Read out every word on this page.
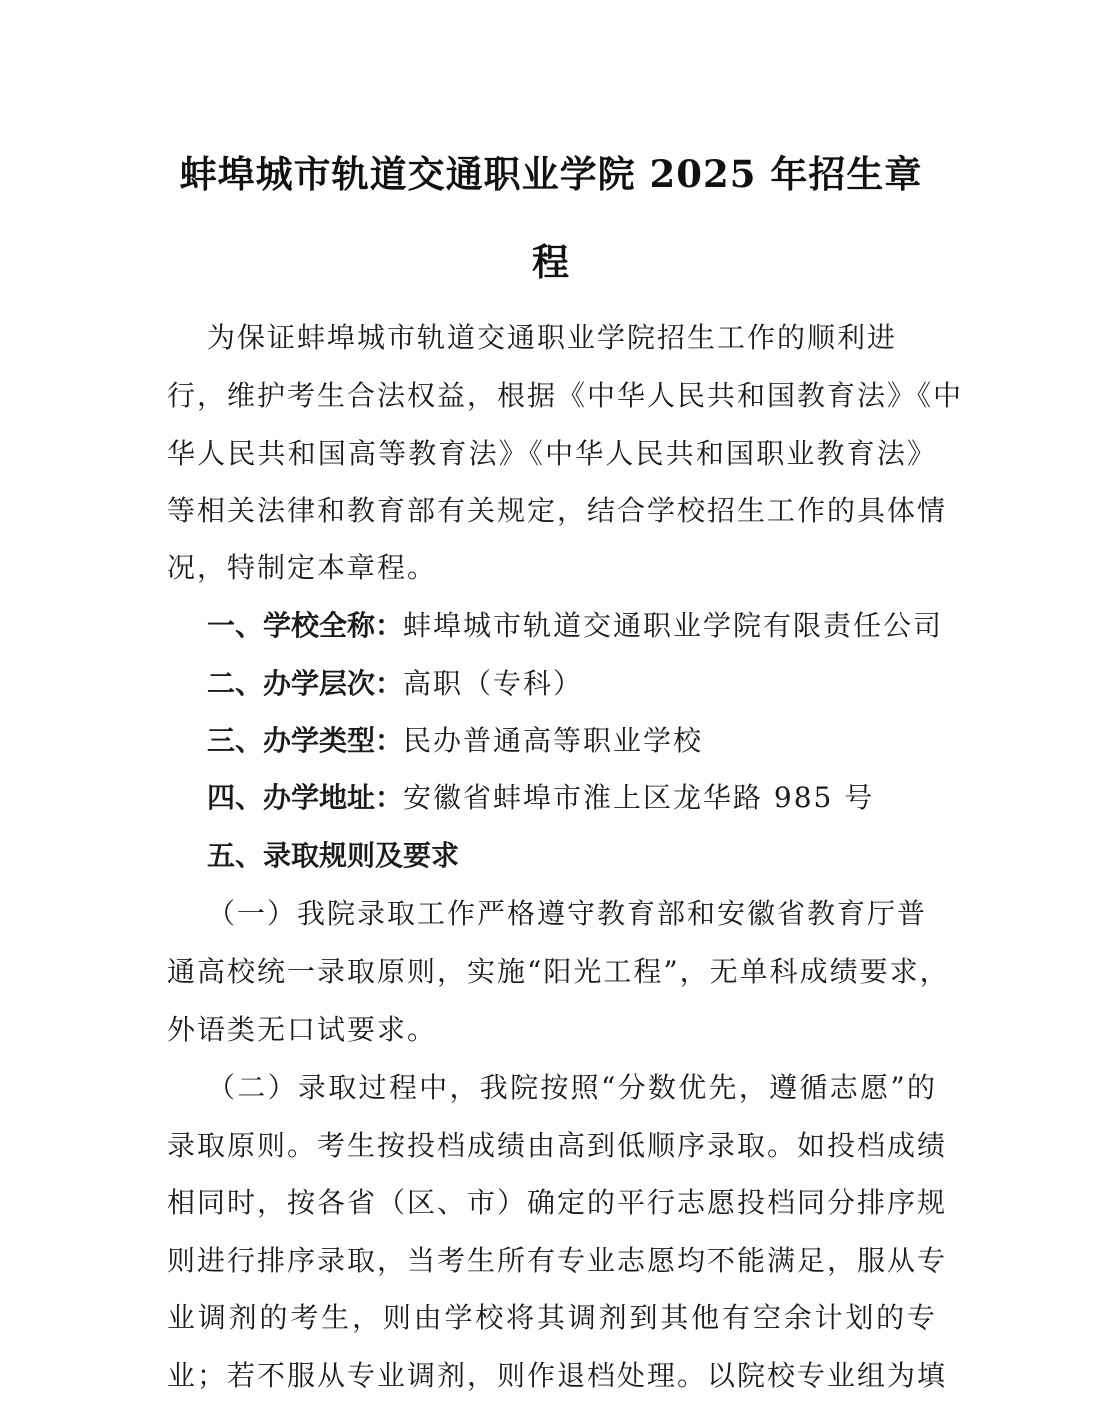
蚌埠城市轨道交通职业学院 2025 年招生章
程
为保证蚌埠城市轨道交通职业学院招生工作的顺利进
行，维护考生合法权益，根据《中华人民共和国教育法》《中
华人民共和国高等教育法》《中华人民共和国职业教育法》
等相关法律和教育部有关规定，结合学校招生工作的具体情
况，特制定本章程。
一、学校全称：蚌埠城市轨道交通职业学院有限责任公司
二、办学层次：高职（专科）
三、办学类型：民办普通高等职业学校
四、办学地址：安徽省蚌埠市淮上区龙华路 985 号
五、录取规则及要求
（一）我院录取工作严格遵守教育部和安徽省教育厅普
通高校统一录取原则，实施“阳光工程”，无单科成绩要求，
外语类无口试要求。
（二）录取过程中，我院按照“分数优先，遵循志愿”的
录取原则。考生按投档成绩由高到低顺序录取。如投档成绩
相同时，按各省（区、市）确定的平行志愿投档同分排序规
则进行排序录取，当考生所有专业志愿均不能满足，服从专
业调剂的考生，则由学校将其调剂到其他有空余计划的专
业；若不服从专业调剂，则作退档处理。以院校专业组为填
